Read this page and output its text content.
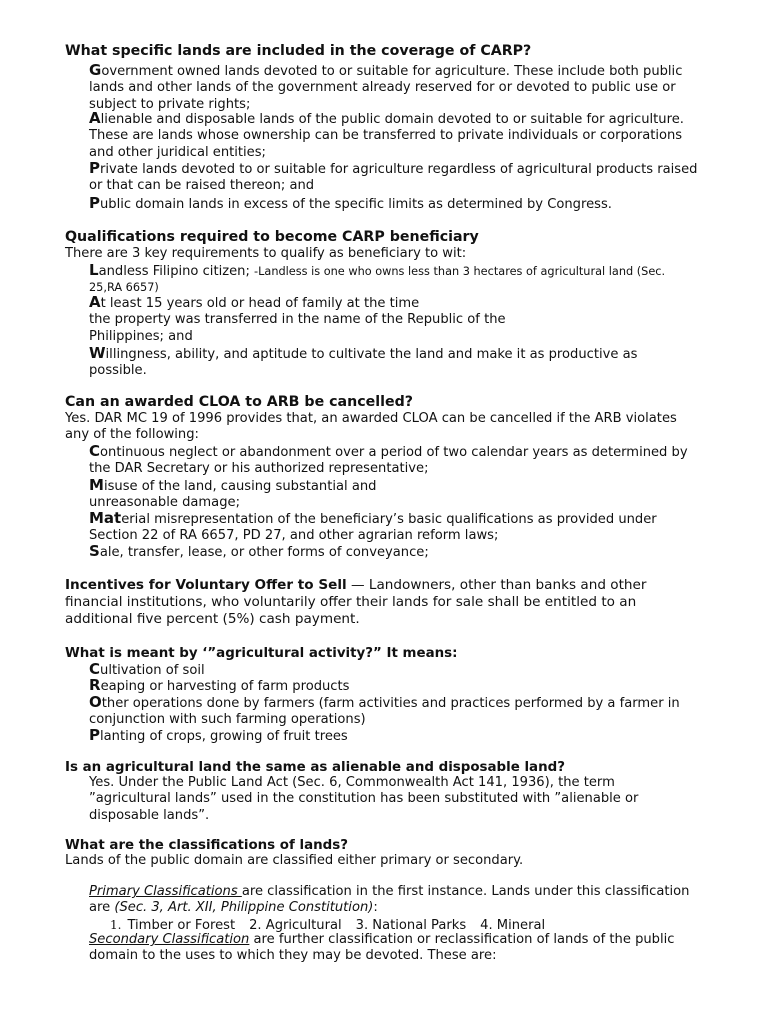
What specific lands are included in the coverage of CARP?
Government owned lands devoted to or suitable for agriculture. These include both public lands and other lands of the government already reserved for or devoted to public use or subject to private rights;
Alienable and disposable lands of the public domain devoted to or suitable for agriculture. These are lands whose ownership can be transferred to private individuals or corporations and other juridical entities;
Private lands devoted to or suitable for agriculture regardless of agricultural products raised or that can be raised thereon; and
Public domain lands in excess of the specific limits as determined by Congress.
Qualifications required to become CARP beneficiary
There are 3 key requirements to qualify as beneficiary to wit:
Landless Filipino citizen; -Landless is one who owns less than 3 hectares of agricultural land (Sec. 25,RA 6657)
At least 15 years old or head of family at the time
the property was transferred in the name of the Republic of the
Philippines; and
Willingness, ability, and aptitude to cultivate the land and make it as productive as possible.
Can an awarded CLOA to ARB be cancelled?
Yes. DAR MC 19 of 1996 provides that, an awarded CLOA can be cancelled if the ARB violates any of the following:
Continuous neglect or abandonment over a period of two calendar years as determined by the DAR Secretary or his authorized representative;
Misuse of the land, causing substantial and
unreasonable damage;
Material misrepresentation of the beneficiary’s basic qualifications as provided under Section 22 of RA 6657, PD 27, and other agrarian reform laws;
Sale, transfer, lease, or other forms of conveyance;
Incentives for Voluntary Offer to Sell — Landowners, other than banks and other financial institutions, who voluntarily offer their lands for sale shall be entitled to an additional five percent (5%) cash payment.
What is meant by ‘”agricultural activity?” It means:
Cultivation of soil
Reaping or harvesting of farm products
Other operations done by farmers (farm activities and practices performed by a farmer in conjunction with such farming operations)
Planting of crops, growing of fruit trees
Is an agricultural land the same as alienable and disposable land?
Yes. Under the Public Land Act (Sec. 6, Commonwealth Act 141, 1936), the term ”agricultural lands” used in the constitution has been substituted with ”alienable or disposable lands”.
What are the classifications of lands?
Lands of the public domain are classified either primary or secondary.
Primary Classifications are classification in the first instance. Lands under this classification are (Sec. 3, Art. XII, Philippine Constitution):
1. Timber or Forest 2. Agricultural 3. National Parks 4. Mineral
Secondary Classification are further classification or reclassification of lands of the public domain to the uses to which they may be devoted. These are:
